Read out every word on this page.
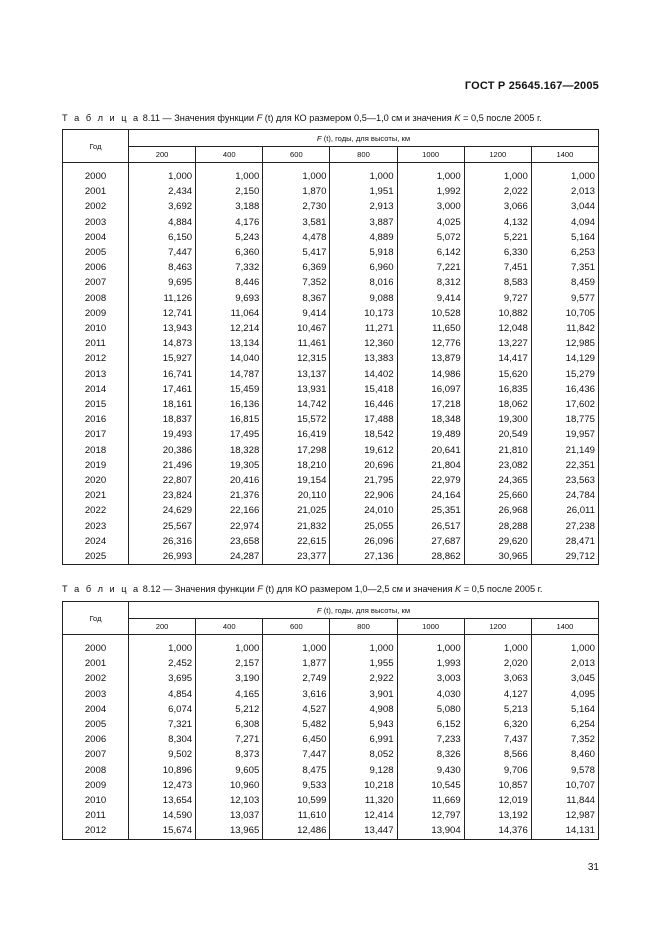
ГОСТ Р 25645.167—2005
Т а б л и ц а 8.11 — Значения функции F (t) для КО размером 0,5—1,0 см и значения K = 0,5 после 2005 г.
Год	F (t), годы, для высоты, км						
	200	400	600	800	1000	1200	1400

2000	1,000	1,000	1,000	1,000	1,000	1,000	1,000
2001	2,434	2,150	1,870	1,951	1,992	2,022	2,013
2002	3,692	3,188	2,730	2,913	3,000	3,066	3,044
2003	4,884	4,176	3,581	3,887	4,025	4,132	4,094
2004	6,150	5,243	4,478	4,889	5,072	5,221	5,164
2005	7,447	6,360	5,417	5,918	6,142	6,330	6,253
2006	8,463	7,332	6,369	6,960	7,221	7,451	7,351
2007	9,695	8,446	7,352	8,016	8,312	8,583	8,459
2008	11,126	9,693	8,367	9,088	9,414	9,727	9,577
2009	12,741	11,064	9,414	10,173	10,528	10,882	10,705
2010	13,943	12,214	10,467	11,271	11,650	12,048	11,842
2011	14,873	13,134	11,461	12,360	12,776	13,227	12,985
2012	15,927	14,040	12,315	13,383	13,879	14,417	14,129
2013	16,741	14,787	13,137	14,402	14,986	15,620	15,279
2014	17,461	15,459	13,931	15,418	16,097	16,835	16,436
2015	18,161	16,136	14,742	16,446	17,218	18,062	17,602
2016	18,837	16,815	15,572	17,488	18,348	19,300	18,775
2017	19,493	17,495	16,419	18,542	19,489	20,549	19,957
2018	20,386	18,328	17,298	19,612	20,641	21,810	21,149
2019	21,496	19,305	18,210	20,696	21,804	23,082	22,351
2020	22,807	20,416	19,154	21,795	22,979	24,365	23,563
2021	23,824	21,376	20,110	22,906	24,164	25,660	24,784
2022	24,629	22,166	21,025	24,010	25,351	26,968	26,011
2023	25,567	22,974	21,832	25,055	26,517	28,288	27,238
2024	26,316	23,658	22,615	26,096	27,687	29,620	28,471
2025	26,993	24,287	23,377	27,136	28,862	30,965	29,712
Т а б л и ц а 8.12 — Значения функции F (t) для КО размером 1,0—2,5 см и значения K = 0,5 после 2005 г.
Год	F (t), годы, для высоты, км						
	200	400	600	800	1000	1200	1400

2000	1,000	1,000	1,000	1,000	1,000	1,000	1,000
2001	2,452	2,157	1,877	1,955	1,993	2,020	2,013
2002	3,695	3,190	2,749	2,922	3,003	3,063	3,045
2003	4,854	4,165	3,616	3,901	4,030	4,127	4,095
2004	6,074	5,212	4,527	4,908	5,080	5,213	5,164
2005	7,321	6,308	5,482	5,943	6,152	6,320	6,254
2006	8,304	7,271	6,450	6,991	7,233	7,437	7,352
2007	9,502	8,373	7,447	8,052	8,326	8,566	8,460
2008	10,896	9,605	8,475	9,128	9,430	9,706	9,578
2009	12,473	10,960	9,533	10,218	10,545	10,857	10,707
2010	13,654	12,103	10,599	11,320	11,669	12,019	11,844
2011	14,590	13,037	11,610	12,414	12,797	13,192	12,987
2012	15,674	13,965	12,486	13,447	13,904	14,376	14,131
31
